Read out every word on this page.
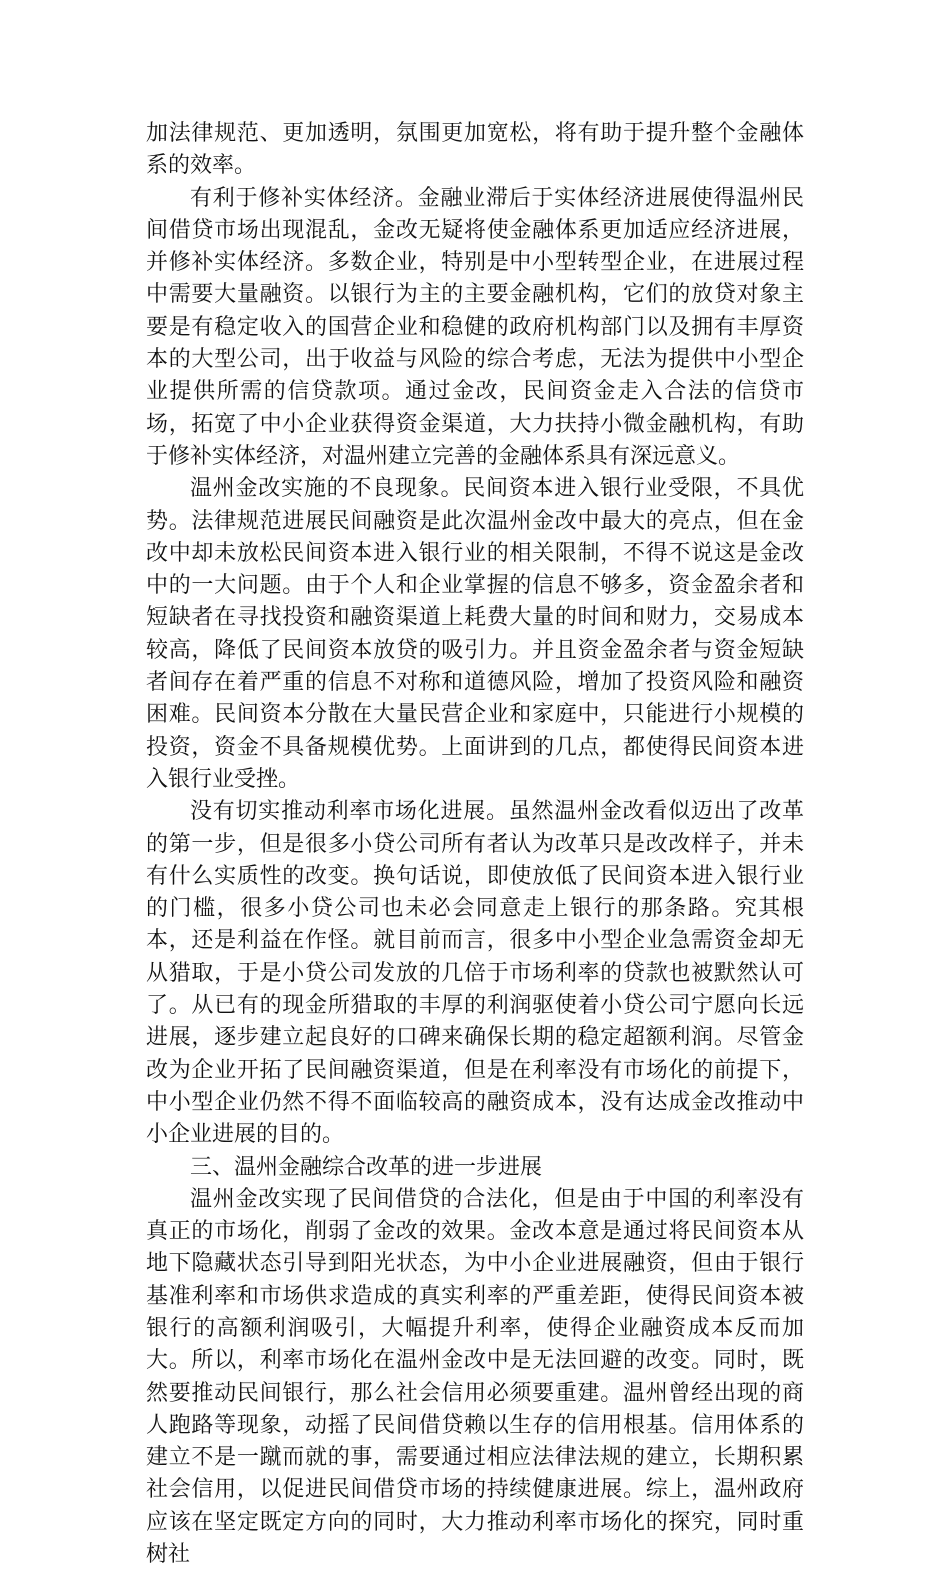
加法律规范、更加透明，氛围更加宽松，将有助于提升整个金融体系的效率。

有利于修补实体经济。金融业滞后于实体经济进展使得温州民间借贷市场出现混乱，金改无疑将使金融体系更加适应经济进展，并修补实体经济。多数企业，特别是中小型转型企业，在进展过程中需要大量融资。以银行为主的主要金融机构，它们的放贷对象主要是有稳定收入的国营企业和稳健的政府机构部门以及拥有丰厚资本的大型公司，出于收益与风险的综合考虑，无法为提供中小型企业提供所需的信贷款项。通过金改，民间资金走入合法的信贷市场，拓宽了中小企业获得资金渠道，大力扶持小微金融机构，有助于修补实体经济，对温州建立完善的金融体系具有深远意义。

温州金改实施的不良现象。民间资本进入银行业受限，不具优势。法律规范进展民间融资是此次温州金改中最大的亮点，但在金改中却未放松民间资本进入银行业的相关限制，不得不说这是金改中的一大问题。由于个人和企业掌握的信息不够多，资金盈余者和短缺者在寻找投资和融资渠道上耗费大量的时间和财力，交易成本较高，降低了民间资本放贷的吸引力。并且资金盈余者与资金短缺者间存在着严重的信息不对称和道德风险，增加了投资风险和融资困难。民间资本分散在大量民营企业和家庭中，只能进行小规模的投资，资金不具备规模优势。上面讲到的几点，都使得民间资本进入银行业受挫。

没有切实推动利率市场化进展。虽然温州金改看似迈出了改革的第一步，但是很多小贷公司所有者认为改革只是改改样子，并未有什么实质性的改变。换句话说，即使放低了民间资本进入银行业的门槛，很多小贷公司也未必会同意走上银行的那条路。究其根本，还是利益在作怪。就目前而言，很多中小型企业急需资金却无从猎取，于是小贷公司发放的几倍于市场利率的贷款也被默然认可了。从已有的现金所猎取的丰厚的利润驱使着小贷公司宁愿向长远进展，逐步建立起良好的口碑来确保长期的稳定超额利润。尽管金改为企业开拓了民间融资渠道，但是在利率没有市场化的前提下，中小型企业仍然不得不面临较高的融资成本，没有达成金改推动中小企业进展的目的。

三、温州金融综合改革的进一步进展

温州金改实现了民间借贷的合法化，但是由于中国的利率没有真正的市场化，削弱了金改的效果。金改本意是通过将民间资本从地下隐藏状态引导到阳光状态，为中小企业进展融资，但由于银行基准利率和市场供求造成的真实利率的严重差距，使得民间资本被银行的高额利润吸引，大幅提升利率，使得企业融资成本反而加大。所以，利率市场化在温州金改中是无法回避的改变。同时，既然要推动民间银行，那么社会信用必须要重建。温州曾经出现的商人跑路等现象，动摇了民间借贷赖以生存的信用根基。信用体系的建立不是一蹴而就的事，需要通过相应法律法规的建立，长期积累社会信用，以促进民间借贷市场的持续健康进展。综上，温州政府应该在坚定既定方向的同时，大力推动利率市场化的探究，同时重树社
